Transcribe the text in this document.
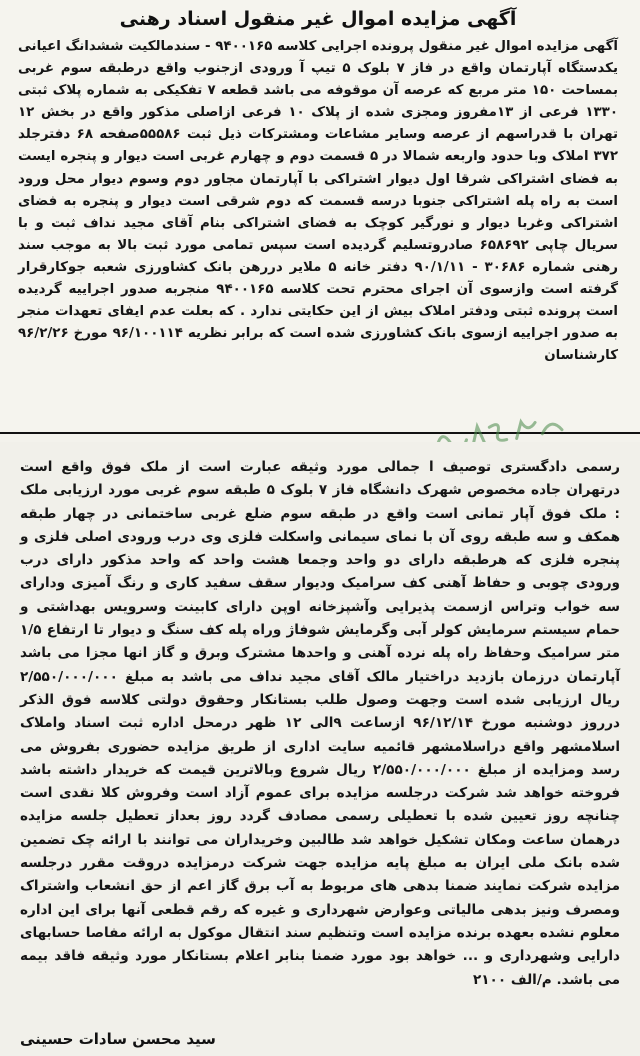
آگهی مزایده اموال غیر منقول اسناد رهنی

آگهی مزایده اموال غیر منقول پرونده اجرایی کلاسه ۹۴۰۰۱۶۵ - سندمالکیت ششدانگ اعیانی یکدستگاه آپارتمان واقع در فاز ۷ بلوک ۵ تیپ آ ورودی ازجنوب واقع درطبقه سوم غربی بمساحت ۱۵۰ متر مربع که عرصه آن موقوفه می باشد قطعه ۷ تفکیکی به شماره پلاک ثبتی ۱۳۳۰ فرعی از ۱۳مفروز ومجزی شده از پلاک ۱۰ فرعی ازاصلی مذکور واقع در بخش ۱۲ تهران با قدراسهم از عرصه وسایر مشاعات ومشترکات ذیل ثبت ۵۵۵۸۶صفحه ۶۸ دفترجلد ۳۷۲ املاک وبا حدود واربعه شمالا در ۵ قسمت دوم و چهارم غربی است دیوار و پنجره ایست به فضای اشتراکی شرقا اول دیوار اشتراکی با آپارتمان مجاور دوم وسوم دیوار محل ورود است به راه پله اشتراکی جنوبا درسه قسمت که دوم شرقی است دیوار و پنجره به فضای اشتراکی وغربا دیوار و نورگیر کوچک به فضای اشتراکی بنام آقای مجید نداف ثبت و با سریال چاپی ۶۵۸۶۹۲ صادروتسلیم گردیده است سپس تمامی مورد ثبت بالا به موجب سند رهنی شماره ۳۰۶۸۶ - ۹۰/۱/۱۱ دفتر خانه ۵ ملایر دررهن بانک کشاورزی شعبه جوکارقرار گرفته است وازسوی آن اجرای محترم تحت کلاسه ۹۴۰۰۱۶۵ منجربه صدور اجراییه گردیده است پرونده ثبتی ودفتر املاک بیش از این حکایتی ندارد . که بعلت عدم ایفای تعهدات منجر به صدور اجراییه ازسوی بانک کشاورزی شده است که برابر نظریه ۹۶/۱۰۰۱۱۴ مورخ ۹۶/۲/۲۶ کارشناسان

رسمی دادگستری توصیف ا جمالی مورد وثیقه عبارت است از ملک فوق واقع است درتهران جاده مخصوص شهرک دانشگاه فاز ۷ بلوک ۵ طبقه سوم غربی مورد ارزیابی ملک : ملک فوق آپار تمانی است واقع در طبقه سوم ضلع غربی ساختمانی در چهار طبقه همکف و سه طبقه روی آن با نمای سیمانی واسکلت فلزی وی درب ورودی اصلی فلزی و پنجره فلزی که هرطبقه دارای دو واحد وجمعا هشت واحد که واحد مذکور دارای درب ورودی چوبی و حفاظ آهنی کف سرامیک ودیوار سقف سفید کاری و رنگ آمیزی ودارای سه خواب وتراس ازسمت پذیرایی وآشپزخانه اوپن دارای کابینت وسرویس بهداشتی و حمام سیستم سرمایش کولر آبی وگرمایش شوفاژ وراه پله کف سنگ و دیوار تا ارتفاع ۱/۵ متر سرامیک وحفاظ راه پله نرده آهنی و واحدها مشترک وبرق و گاز انها مجزا می باشد آپارتمان درزمان بازدید دراختیار مالک آقای مجید نداف می باشد به مبلغ ۲/۵۵۰/۰۰۰/۰۰۰ ریال ارزیابی شده است وجهت وصول طلب بستانکار وحقوق دولتی کلاسه فوق الذکر درروز دوشنبه مورخ ۹۶/۱۲/۱۴ ازساعت ۹الی ۱۲ ظهر درمحل اداره ثبت اسناد واملاک اسلامشهر واقع دراسلامشهر قائمیه سایت اداری از طریق مزایده حضوری بفروش می رسد ومزایده از مبلغ ۲/۵۵۰/۰۰۰/۰۰۰ ریال شروع وبالاترین قیمت که خریدار داشته باشد فروخته خواهد شد شرکت درجلسه مزایده برای عموم آزاد است وفروش کلا نقدی است چنانچه روز تعیین شده با تعطیلی رسمی مصادف گردد روز بعداز تعطیل جلسه مزایده درهمان ساعت ومکان تشکیل خواهد شد طالبین وخریداران می توانند با ارائه چک تضمین شده بانک ملی ایران به مبلغ پایه مزایده جهت شرکت درمزایده دروقت مقرر درجلسه مزایده شرکت نمایند ضمنا بدهی های مربوط به آب برق گاز اعم از حق انشعاب واشتراک ومصرف ونیز بدهی مالیاتی وعوارض شهرداری و غیره که رقم قطعی آنها برای این اداره معلوم نشده بعهده برنده مزایده است وتنظیم سند انتقال موکول به ارائه مفاصا حسابهای دارایی وشهرداری و ... خواهد بود مورد ضمنا بنابر اعلام بستانکار مورد وثیقه فاقد بیمه می باشد. م/الف ۲۱۰۰

سید محسن سادات حسینی
